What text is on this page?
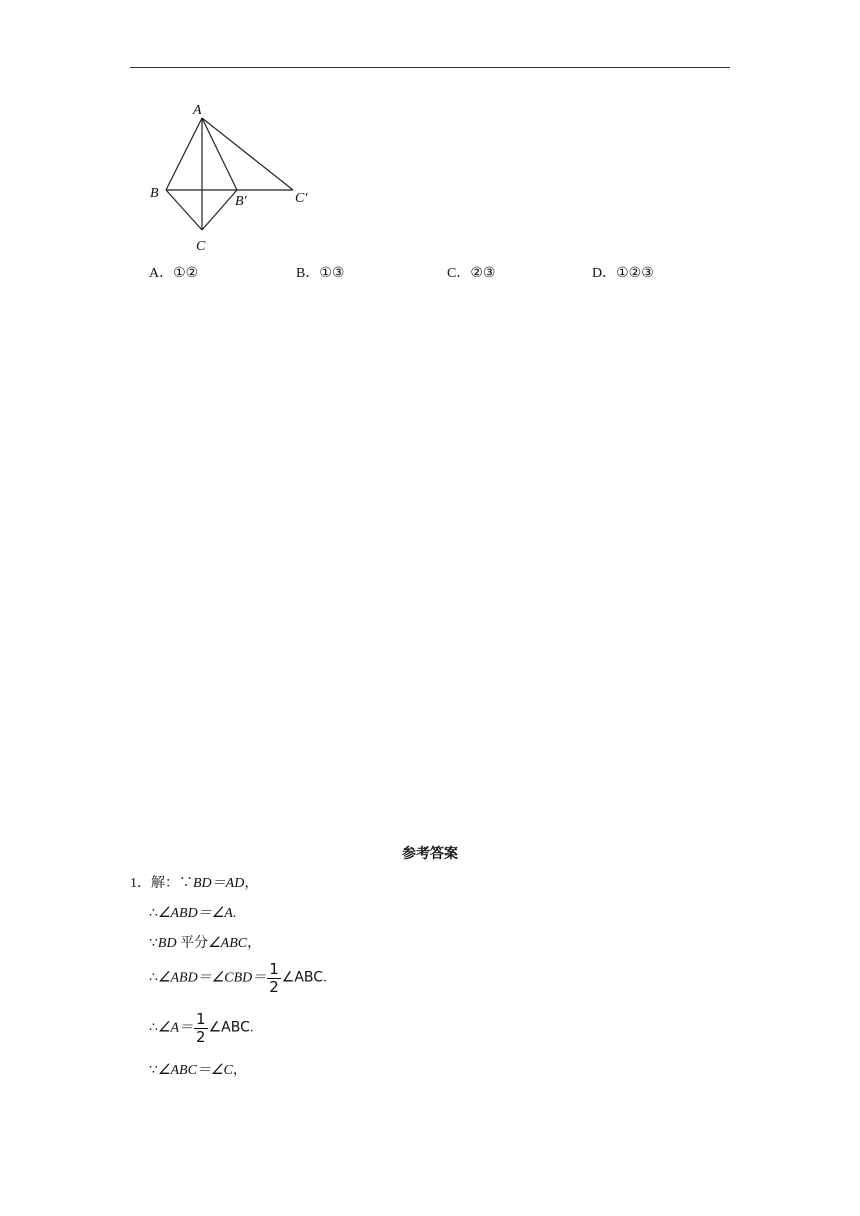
A
B
B′
C
C′
A．①②	B．①③	C．②③	D．①②③
参考答案
1．解：∵BD＝AD，
∴∠ABD＝∠A.
∵BD 平分∠ABC，
∴∠ABD＝∠CBD＝ $\frac{1}{2}$ ∠ABC.
∴∠A＝ $\frac{1}{2}$ ∠ABC.
∵∠ABC＝∠C，
